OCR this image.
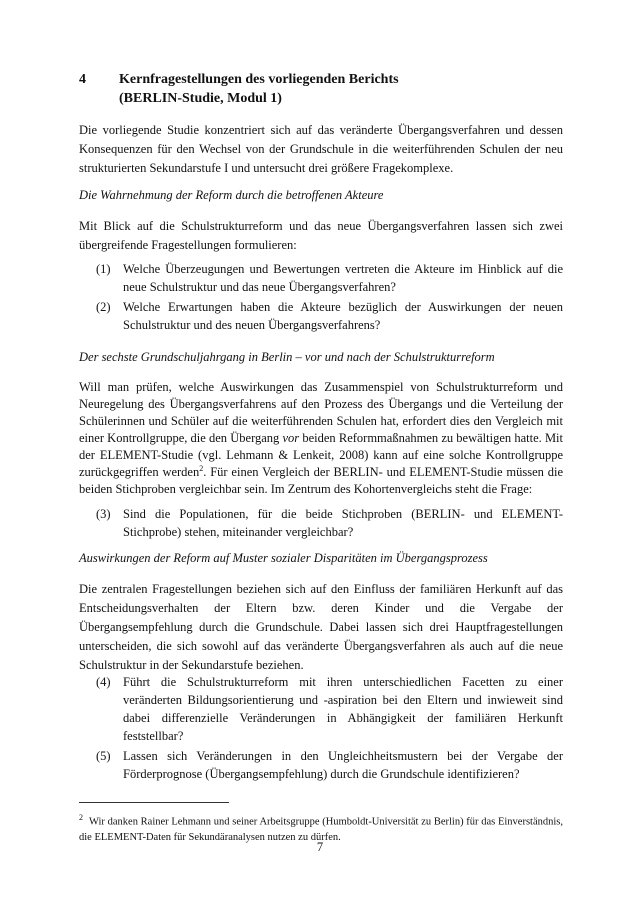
4 Kernfragestellungen des vorliegenden Berichts
(BERLIN-Studie, Modul 1)
Die vorliegende Studie konzentriert sich auf das veränderte Übergangsverfahren und dessen Konsequenzen für den Wechsel von der Grundschule in die weiterführenden Schulen der neu strukturierten Sekundarstufe I und untersucht drei größere Fragekomplexe.
Die Wahrnehmung der Reform durch die betroffenen Akteure
Mit Blick auf die Schulstrukturreform und das neue Übergangsverfahren lassen sich zwei übergreifende Fragestellungen formulieren:
(1) Welche Überzeugungen und Bewertungen vertreten die Akteure im Hinblick auf die neue Schulstruktur und das neue Übergangsverfahren?
(2) Welche Erwartungen haben die Akteure bezüglich der Auswirkungen der neuen Schulstruktur und des neuen Übergangsverfahrens?
Der sechste Grundschuljahrgang in Berlin – vor und nach der Schulstrukturreform
Will man prüfen, welche Auswirkungen das Zusammenspiel von Schulstrukturreform und Neuregelung des Übergangsverfahrens auf den Prozess des Übergangs und die Verteilung der Schülerinnen und Schüler auf die weiterführenden Schulen hat, erfordert dies den Vergleich mit einer Kontrollgruppe, die den Übergang vor beiden Reformmaßnahmen zu bewältigen hatte. Mit der ELEMENT-Studie (vgl. Lehmann & Lenkeit, 2008) kann auf eine solche Kontrollgruppe zurückgegriffen werden$^2$. Für einen Vergleich der BERLIN- und ELEMENT-Studie müssen die beiden Stichproben vergleichbar sein. Im Zentrum des Kohortenvergleichs steht die Frage:
(3) Sind die Populationen, für die beide Stichproben (BERLIN- und ELEMENT-Stichprobe) stehen, miteinander vergleichbar?
Auswirkungen der Reform auf Muster sozialer Disparitäten im Übergangsprozess
Die zentralen Fragestellungen beziehen sich auf den Einfluss der familiären Herkunft auf das Entscheidungsverhalten der Eltern bzw. deren Kinder und die Vergabe der Übergangsempfehlung durch die Grundschule. Dabei lassen sich drei Hauptfragestellungen unterscheiden, die sich sowohl auf das veränderte Übergangsverfahren als auch auf die neue Schulstruktur in der Sekundarstufe beziehen.
(4) Führt die Schulstrukturreform mit ihren unterschiedlichen Facetten zu einer veränderten Bildungsorientierung und -aspiration bei den Eltern und inwieweit sind dabei differenzielle Veränderungen in Abhängigkeit der familiären Herkunft feststellbar?
(5) Lassen sich Veränderungen in den Ungleichheitsmustern bei der Vergabe der Förderprognose (Übergangsempfehlung) durch die Grundschule identifizieren?
$^2$ Wir danken Rainer Lehmann und seiner Arbeitsgruppe (Humboldt-Universität zu Berlin) für das Einverständnis, die ELEMENT-Daten für Sekundäranalysen nutzen zu dürfen.
7
